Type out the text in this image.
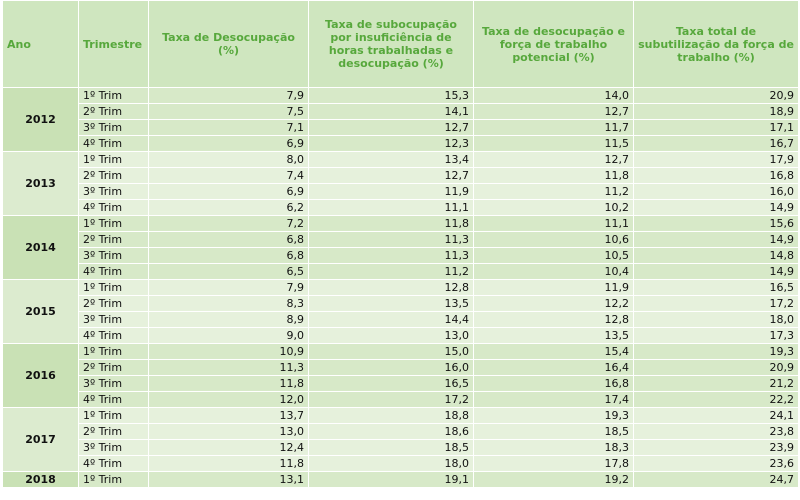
Ano	Trimestre	Taxa de Desocupação (%)	Taxa de subocupação por insuficiência de horas trabalhadas e desocupação (%)	Taxa de desocupação e força de trabalho potencial (%)	Taxa total de subutilização da força de trabalho (%)
2012	1º Trim	7,9	15,3	14,0	20,9
	2º Trim	7,5	14,1	12,7	18,9
	3º Trim	7,1	12,7	11,7	17,1
	4º Trim	6,9	12,3	11,5	16,7
2013	1º Trim	8,0	13,4	12,7	17,9
	2º Trim	7,4	12,7	11,8	16,8
	3º Trim	6,9	11,9	11,2	16,0
	4º Trim	6,2	11,1	10,2	14,9
2014	1º Trim	7,2	11,8	11,1	15,6
	2º Trim	6,8	11,3	10,6	14,9
	3º Trim	6,8	11,3	10,5	14,8
	4º Trim	6,5	11,2	10,4	14,9
2015	1º Trim	7,9	12,8	11,9	16,5
	2º Trim	8,3	13,5	12,2	17,2
	3º Trim	8,9	14,4	12,8	18,0
	4º Trim	9,0	13,0	13,5	17,3
2016	1º Trim	10,9	15,0	15,4	19,3
	2º Trim	11,3	16,0	16,4	20,9
	3º Trim	11,8	16,5	16,8	21,2
	4º Trim	12,0	17,2	17,4	22,2
2017	1º Trim	13,7	18,8	19,3	24,1
	2º Trim	13,0	18,6	18,5	23,8
	3º Trim	12,4	18,5	18,3	23,9
	4º Trim	11,8	18,0	17,8	23,6
2018	1º Trim	13,1	19,1	19,2	24,7
